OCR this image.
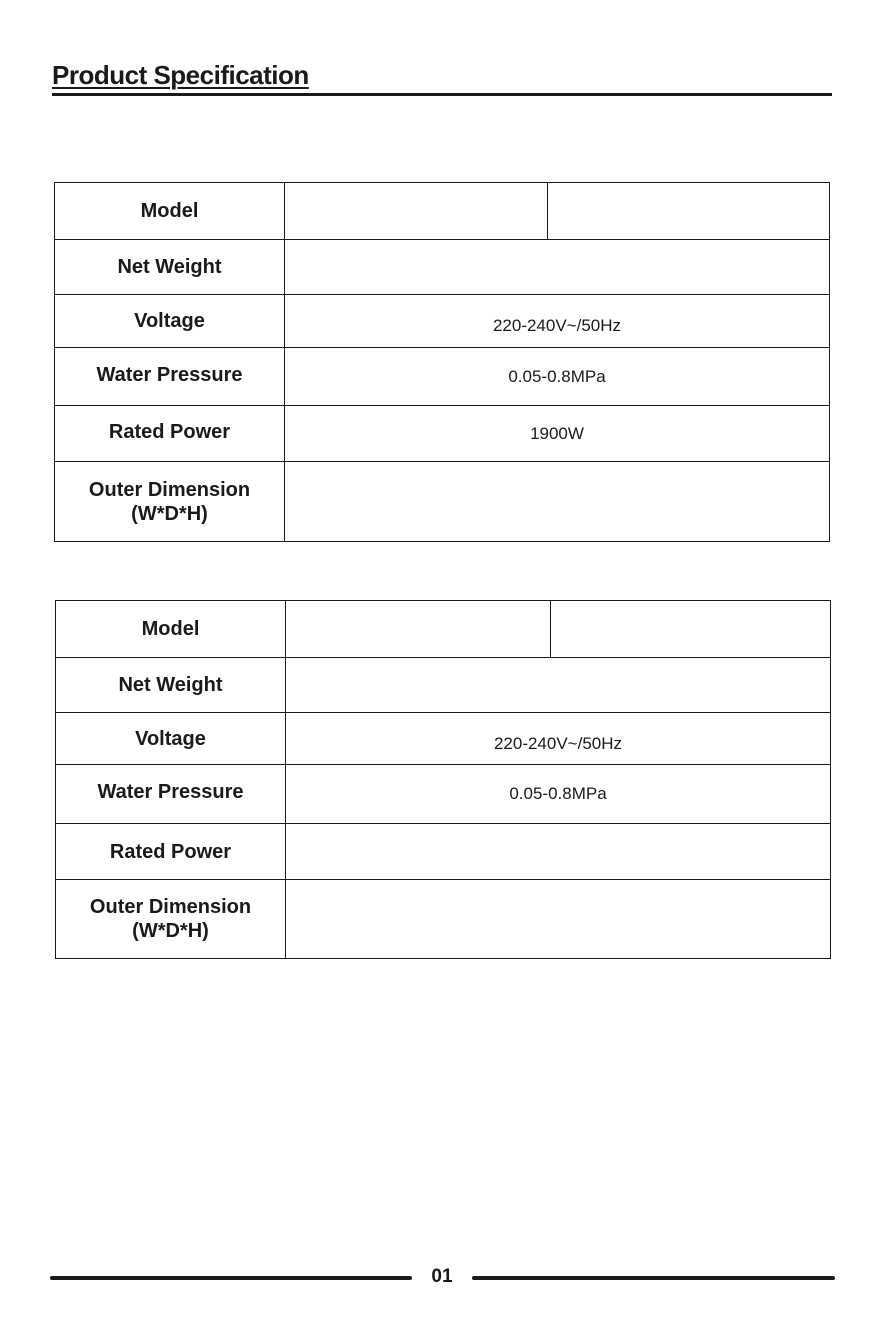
Product Specification
Model		
Net Weight		
Voltage	220-240V~/50Hz	
Water Pressure	0.05-0.8MPa	
Rated Power	1900W	

Outer Dimension
(W*D*H)		

Model		
Net Weight		
Voltage	220-240V~/50Hz	
Water Pressure	0.05-0.8MPa	
Rated Power		

Outer Dimension
(W*D*H)		

01
